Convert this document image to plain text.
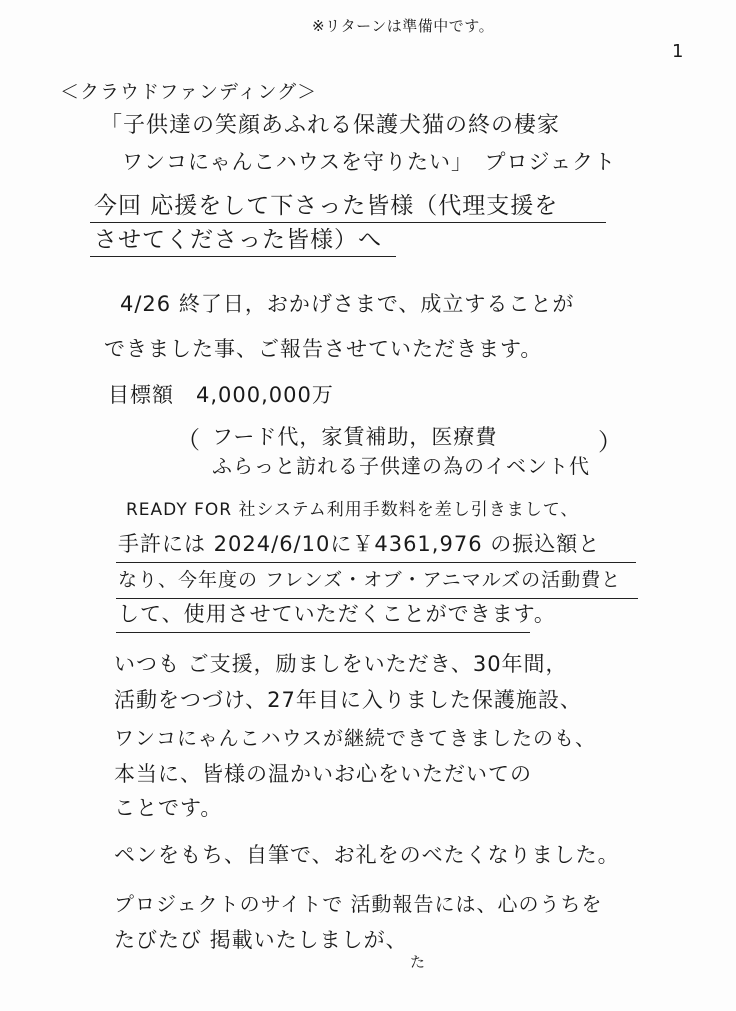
※リターンは準備中です。
1
＜クラウドファンディング＞
「子供達の笑顔あふれる保護犬猫の終の棲家
ワンコにゃんこハウスを守りたい」　プロジェクト
今回 応援をして下さった皆様（代理支援を
させてくださった皆様）へ
4/26 終了日，おかげさまで、成立することが
できました事、ご報告させていただきます。
目標額　4,000,000万
（ フード代，家賃補助，医療費
ふらっと訪れる子供達の為のイベント代
）
READY FOR 社システム利用手数料を差し引きまして、
手許には 2024/6/10に￥4361,976 の振込額と
なり、今年度の フレンズ・オブ・アニマルズの活動費と
して、使用させていただくことができます。
いつも ご支援，励ましをいただき、30年間，
活動をつづけ、27年目に入りました保護施設、
ワンコにゃんこハウスが継続できてきましたのも、
本当に、皆様の温かいお心をいただいての
ことです。
ペンをもち、自筆で、お礼をのべたくなりました。
プロジェクトのサイトで 活動報告には、心のうちを
たびたび 掲載いたしましが、
た
